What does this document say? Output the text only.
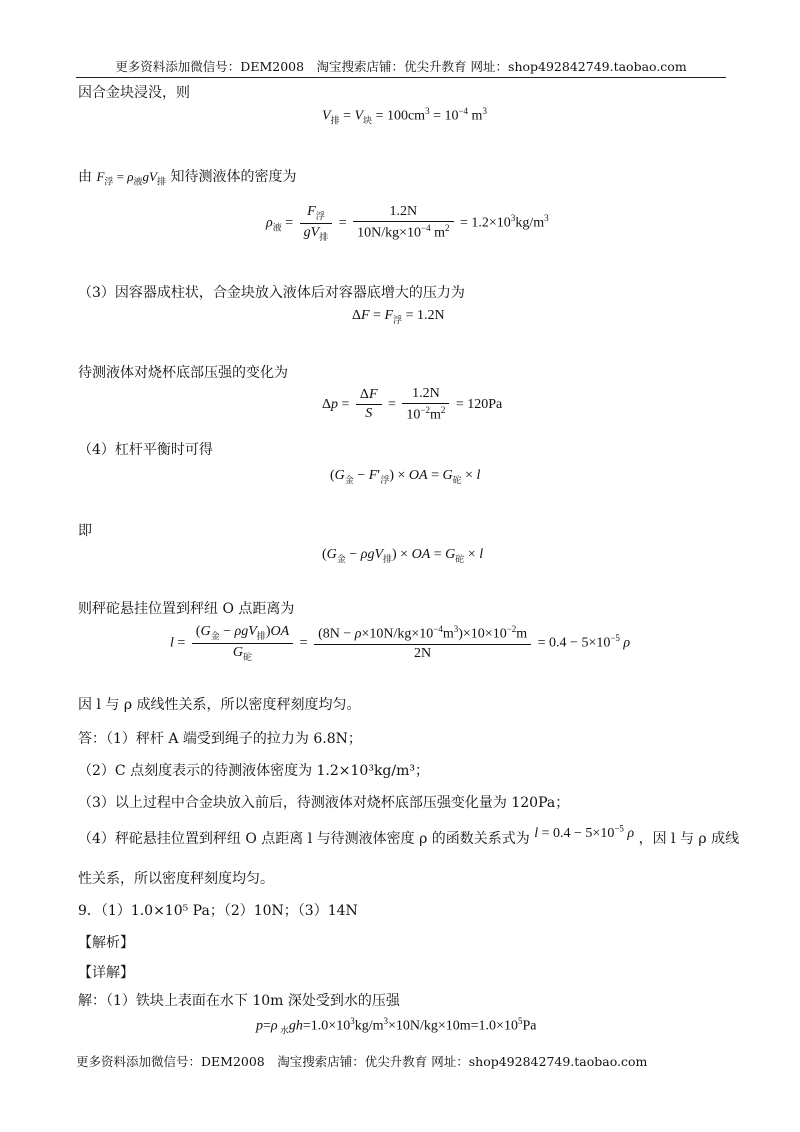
更多资料添加微信号：DEM2008　淘宝搜索店铺：优尖升教育 网址：shop492842749.taobao.com
因合金块浸没，则
$V_排 = V_块 = 100cm^3 = 10^{-4}$ $m^3$
由 $F_浮 = \rho_液gV_排$ 知待测液体的密度为
$\rho_液 = \frac{F_浮}{gV_排} = \frac{1.2N}{10N/kg\times 10^{-4} m^2} = 1.2\times 10^3kg/m^3$
（3）因容器成柱状，合金块放入液体后对容器底增大的压力为
$\Delta F = F_浮 = 1.2N$
待测液体对烧杯底部压强的变化为
$\Delta p = \frac{\Delta F}{S} = \frac{1.2N}{10^{-2}m^2} = 120Pa$
（4）杠杆平衡时可得
$(G_金 - F'_浮)$ × OA = $G_砣 \times l$
即
$(G_金 - \rho gV_排)$ × OA = $G_砣 \times l$
则秤砣悬挂位置到秤纽 O 点距离为
$l = \frac{(G_金 - \rho gV_排)OA}{G_砣} = \frac{(8N - \rho\times 10N/kg\times 10^{-4}m^3)\times 10\times 10^{-2}m}{2N} = 0.4 - 5\times 10^{-5}$ ρ
因 l 与 ρ 成线性关系，所以密度秤刻度均匀。
答：（1）秤杆 A 端受到绳子的拉力为 6.8N；
（2）C 点刻度表示的待测液体密度为 1.2×10³kg/m³；
（3）以上过程中合金块放入前后，待测液体对烧杯底部压强变化量为 120Pa；
（4）秤砣悬挂位置到秤纽 O 点距离 l 与待测液体密度 ρ 的函数关系式为 $l = 0.4 - 5\times 10^{-5}$ ρ ，因 l 与 ρ 成线
性关系，所以密度秤刻度均匀。
9．（1）1.0×10⁵ Pa；（2）10N；（3）14N
【解析】
【详解】
解：（1）铁块上表面在水下 10m 深处受到水的压强
p=ρ $_水gh=1.0\times 10^3kg/m^3\times 10N/kg\times 10m=1.0\times 10^5Pa$
更多资料添加微信号：DEM2008　淘宝搜索店铺：优尖升教育 网址：shop492842749.taobao.com
